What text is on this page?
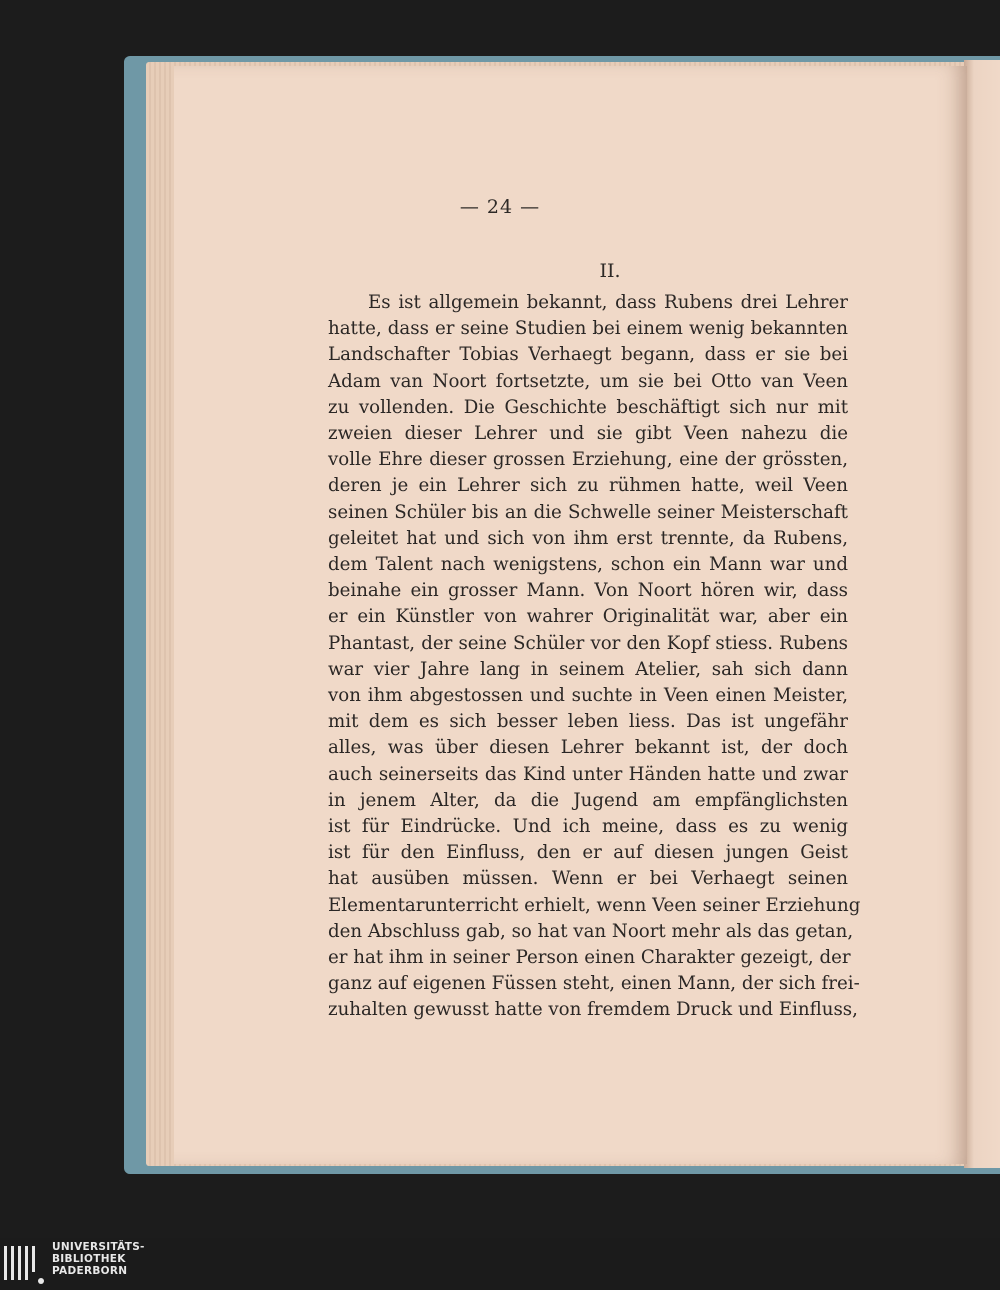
— 24 —
II.
Es ist allgemein bekannt, dass Rubens drei Lehrer
hatte, dass er seine Studien bei einem wenig bekannten
Landschafter Tobias Verhaegt begann, dass er sie bei
Adam van Noort fortsetzte, um sie bei Otto van Veen
zu vollenden. Die Geschichte beschäftigt sich nur mit
zweien dieser Lehrer und sie gibt Veen nahezu die
volle Ehre dieser grossen Erziehung, eine der grössten,
deren je ein Lehrer sich zu rühmen hatte, weil Veen
seinen Schüler bis an die Schwelle seiner Meisterschaft
geleitet hat und sich von ihm erst trennte, da Rubens,
dem Talent nach wenigstens, schon ein Mann war und
beinahe ein grosser Mann. Von Noort hören wir, dass
er ein Künstler von wahrer Originalität war, aber ein
Phantast, der seine Schüler vor den Kopf stiess. Rubens
war vier Jahre lang in seinem Atelier, sah sich dann
von ihm abgestossen und suchte in Veen einen Meister,
mit dem es sich besser leben liess. Das ist ungefähr
alles, was über diesen Lehrer bekannt ist, der doch
auch seinerseits das Kind unter Händen hatte und zwar
in jenem Alter, da die Jugend am empfänglichsten
ist für Eindrücke. Und ich meine, dass es zu wenig
ist für den Einfluss, den er auf diesen jungen Geist
hat ausüben müssen. Wenn er bei Verhaegt seinen
Elementarunterricht erhielt, wenn Veen seiner Erziehung
den Abschluss gab, so hat van Noort mehr als das getan,
er hat ihm in seiner Person einen Charakter gezeigt, der
ganz auf eigenen Füssen steht, einen Mann, der sich frei-
zuhalten gewusst hatte von fremdem Druck und Einfluss,
UNIVERSITÄTS-
BIBLIOTHEK
PADERBORN
